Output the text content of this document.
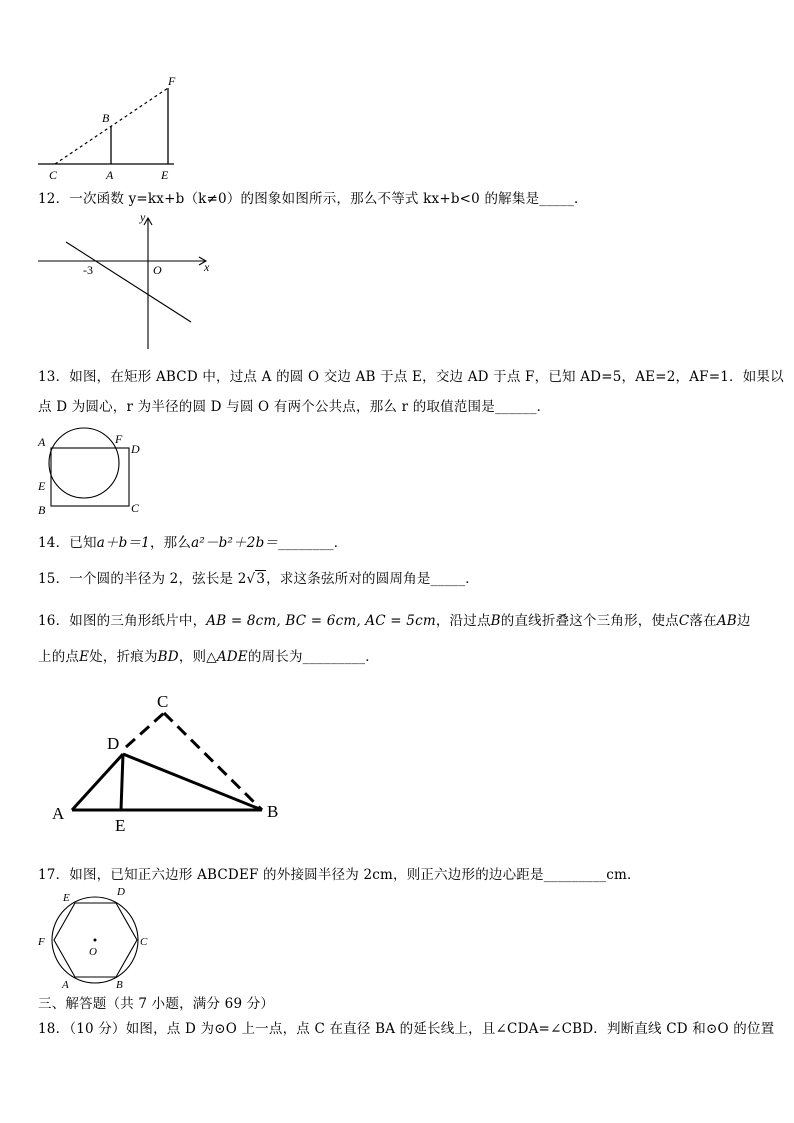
F
B
C	A	E
12．一次函数 y=kx+b（k≠0）的图象如图所示，那么不等式 kx+b<0 的解集是_____．
y
x
O
-3
13．如图，在矩形 ABCD 中，过点 A 的圆 O 交边 AB 于点 E，交边 AD 于点 F，已知 AD=5，AE=2，AF=1．如果以
点 D 为圆心，r 为半径的圆 D 与圆 O 有两个公共点，那么 r 的取值范围是______．
A	F
D
E
B	C
14．已知a＋b＝1，那么a²－b²＋2b＝________．
15．一个圆的半径为 2，弦长是 2√3，求这条弦所对的圆周角是_____．
16．如图的三角形纸片中，AB = 8cm, BC = 6cm, AC = 5cm，沿过点B的直线折叠这个三角形，使点C落在AB边
上的点E处，折痕为BD，则△ADE的周长为_________．
C
D
A
E
B
17．如图，已知正六边形 ABCDEF 的外接圆半径为 2cm，则正六边形的边心距是_________cm．
E	D
F	C
O
A	B
三、解答题（共 7 小题，满分 69 分）
18．（10 分）如图，点 D 为⊙O 上一点，点 C 在直径 BA 的延长线上，且∠CDA=∠CBD．判断直线 CD 和⊙O 的位置
